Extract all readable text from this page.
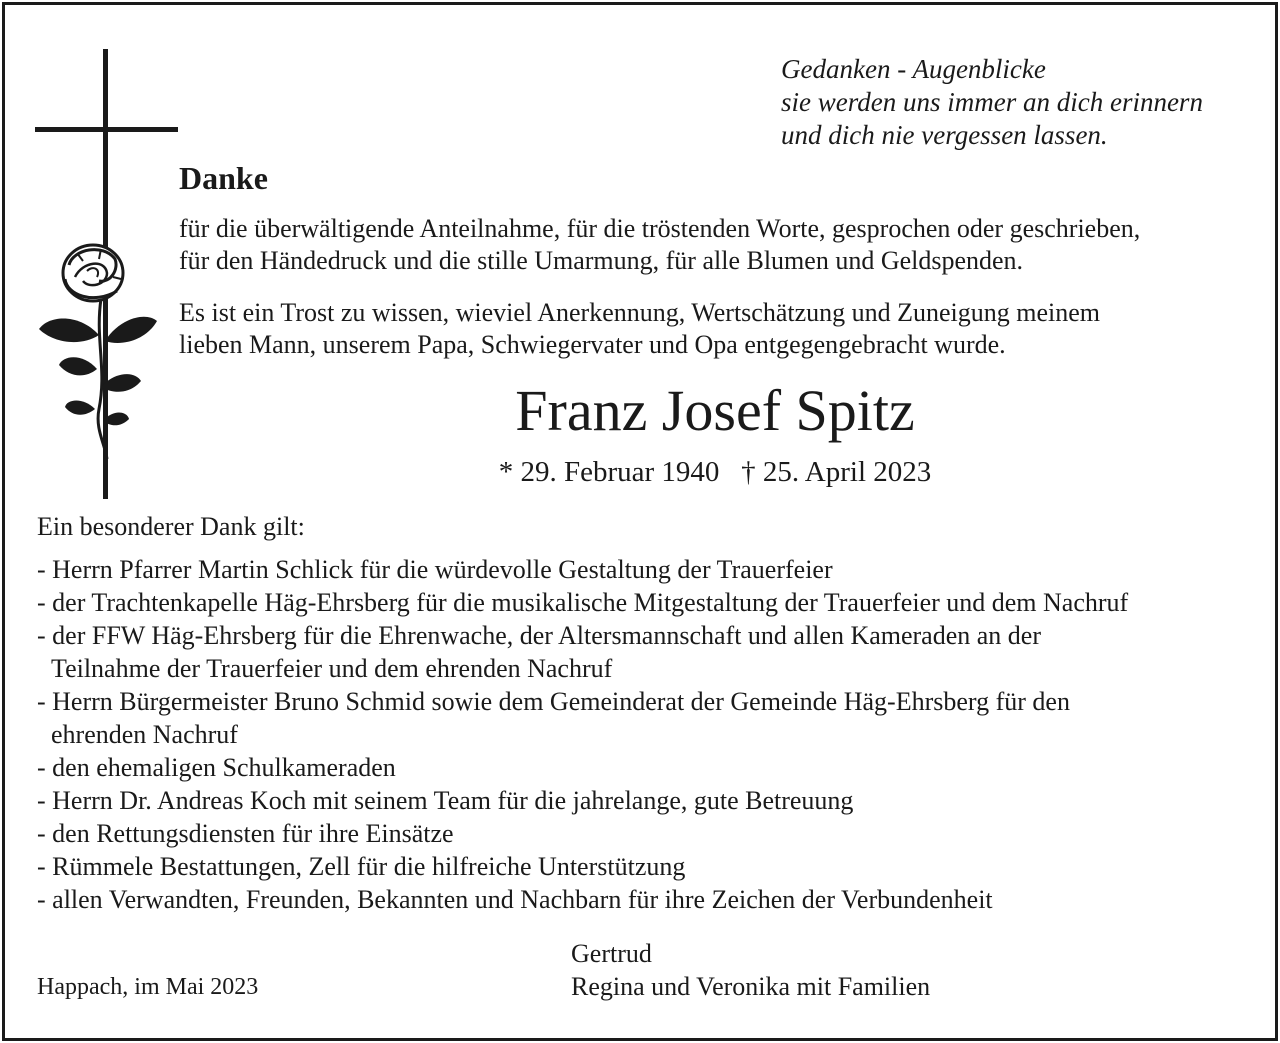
Gedanken - Augenblicke
sie werden uns immer an dich erinnern
und dich nie vergessen lassen.
Danke
für die überwältigende Anteilnahme, für die tröstenden Worte, gesprochen oder geschrieben,
für den Händedruck und die stille Umarmung, für alle Blumen und Geldspenden.
Es ist ein Trost zu wissen, wieviel Anerkennung, Wertschätzung und Zuneigung meinem
lieben Mann, unserem Papa, Schwiegervater und Opa entgegengebracht wurde.
Franz Josef Spitz
* 29. Februar 1940   † 25. April 2023
Ein besonderer Dank gilt:
- Herrn Pfarrer Martin Schlick für die würdevolle Gestaltung der Trauerfeier
- der Trachtenkapelle Häg-Ehrsberg für die musikalische Mitgestaltung der Trauerfeier und dem Nachruf
- der FFW Häg-Ehrsberg für die Ehrenwache, der Altersmannschaft und allen Kameraden an der
Teilnahme der Trauerfeier und dem ehrenden Nachruf
- Herrn Bürgermeister Bruno Schmid sowie dem Gemeinderat der Gemeinde Häg-Ehrsberg für den
ehrenden Nachruf
- den ehemaligen Schulkameraden
- Herrn Dr. Andreas Koch mit seinem Team für die jahrelange, gute Betreuung
- den Rettungsdiensten für ihre Einsätze
- Rümmele Bestattungen, Zell für die hilfreiche Unterstützung
- allen Verwandten, Freunden, Bekannten und Nachbarn für ihre Zeichen der Verbundenheit
Happach, im Mai 2023
Gertrud
Regina und Veronika mit Familien
